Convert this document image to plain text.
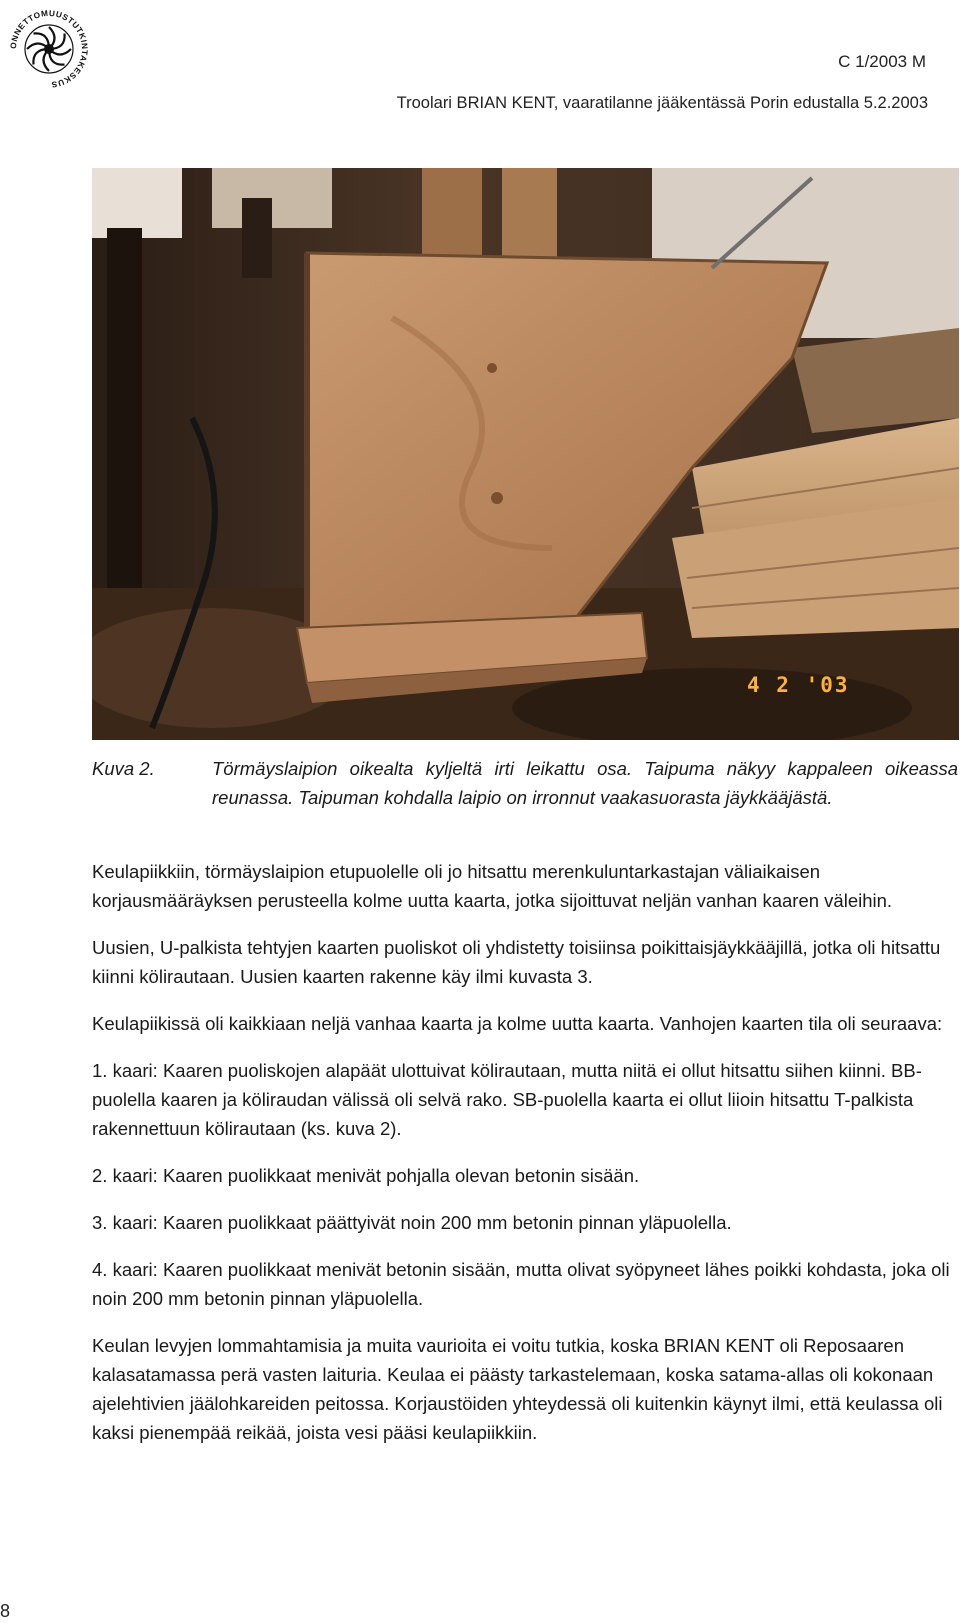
ONNETTOMUUSTUTKINTAKESKUS
C 1/2003 M
Troolari BRIAN KENT, vaaratilanne jääkentässä Porin edustalla 5.2.2003
4 2 '03
Kuva 2.	Törmäyslaipion oikealta kyljeltä irti leikattu osa. Taipuma näkyy kappaleen oikeassa reunassa. Taipuman kohdalla laipio on irronnut vaakasuorasta jäykkääjästä.

Keulapiikkiin, törmäyslaipion etupuolelle oli jo hitsattu merenkuluntarkastajan väliaikaisen korjausmääräyksen perusteella kolme uutta kaarta, jotka sijoittuvat neljän vanhan kaaren väleihin.

Uusien, U-palkista tehtyjen kaarten puoliskot oli yhdistetty toisiinsa poikittaisjäykkääjillä, jotka oli hitsattu kiinni kölirautaan. Uusien kaarten rakenne käy ilmi kuvasta 3.

Keulapiikissä oli kaikkiaan neljä vanhaa kaarta ja kolme uutta kaarta. Vanhojen kaarten tila oli seuraava:

1. kaari: Kaaren puoliskojen alapäät ulottuivat kölirautaan, mutta niitä ei ollut hitsattu siihen kiinni. BB-puolella kaaren ja köliraudan välissä oli selvä rako. SB-puolella kaarta ei ollut liioin hitsattu T-palkista rakennettuun kölirautaan (ks. kuva 2).

2. kaari: Kaaren puolikkaat menivät pohjalla olevan betonin sisään.

3. kaari: Kaaren puolikkaat päättyivät noin 200 mm betonin pinnan yläpuolella.

4. kaari: Kaaren puolikkaat menivät betonin sisään, mutta olivat syöpyneet lähes poikki kohdasta, joka oli noin 200 mm betonin pinnan yläpuolella.

Keulan levyjen lommahtamisia ja muita vaurioita ei voitu tutkia, koska BRIAN KENT oli Reposaaren kalasatamassa perä vasten laituria. Keulaa ei päästy tarkastelemaan, koska satama-allas oli kokonaan ajelehtivien jäälohkareiden peitossa. Korjaustöiden yhteydessä oli kuitenkin käynyt ilmi, että keulassa oli kaksi pienempää reikää, joista vesi pääsi keulapiikkiin.

8
